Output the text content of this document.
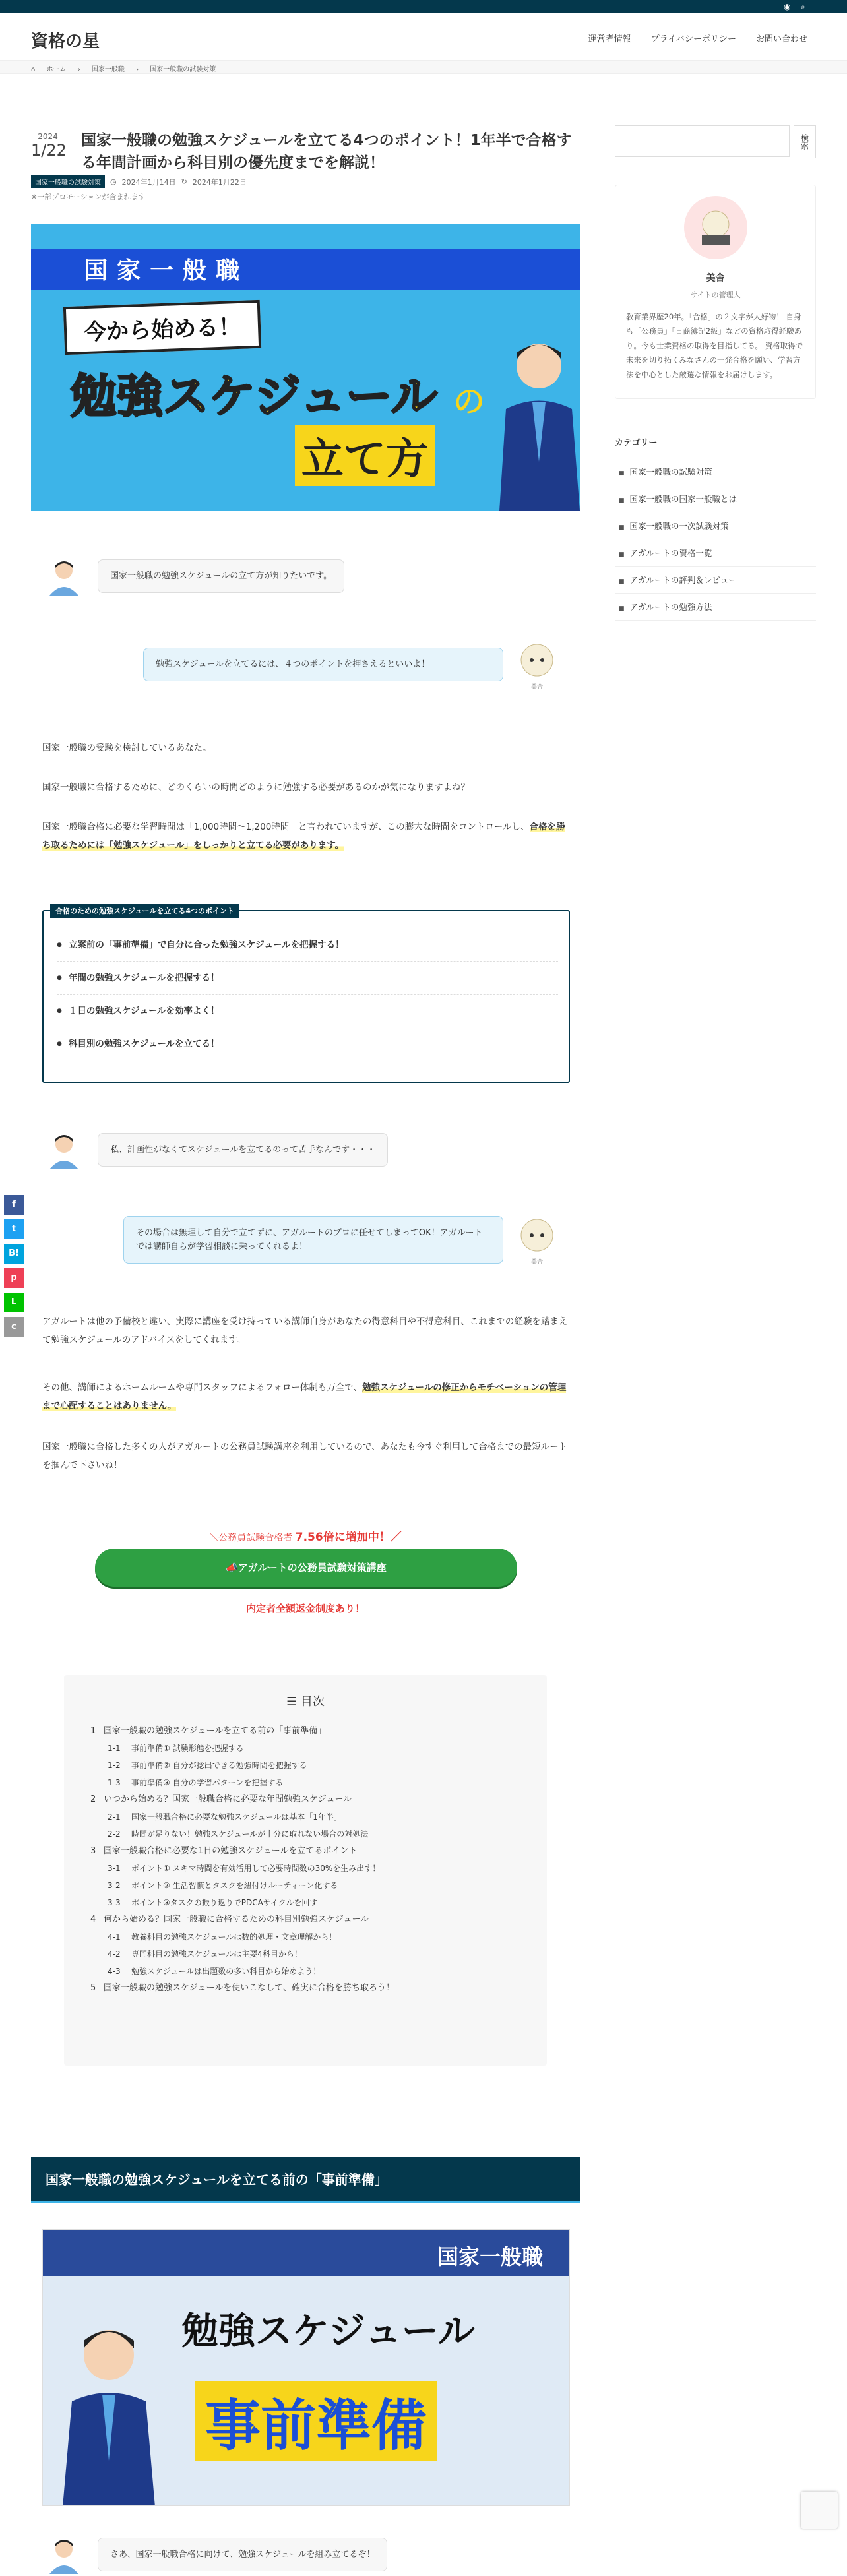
◉ ⌕
資格の星	運営者情報 プライバシーポリシー お問い合わせ
⌂ ホーム › 国家一般職 › 国家一般職の試験対策
f
t
B!
p
L
c
2024
1/22
国家一般職の勉強スケジュールを立てる4つのポイント！1年半で合格する年間計画から科目別の優先度までを解説！
国家一般職の試験対策	◷ 2024年1月14日 ↻ 2024年1月22日
※一部プロモーションが含まれます
国家一般職
今から始める！
勉強スケジュール の
立て方
国家一般職の勉強スケジュールの立て方が知りたいです。
美舎
勉強スケジュールを立てるには、４つのポイントを押さえるといいよ！

国家一般職の受験を検討しているあなた。

国家一般職に合格するために、どのくらいの時間どのように勉強する必要があるのかが気になりますよね？

国家一般職合格に必要な学習時間は「1,000時間〜1,200時間」と言われていますが、この膨大な時間をコントロールし、合格を勝ち取るためには「勉強スケジュール」をしっかりと立てる必要があります。

合格のための勉強スケジュールを立てる4つのポイント
● 立案前の「事前準備」で自分に合った勉強スケジュールを把握する！
● 年間の勉強スケジュールを把握する！
● １日の勉強スケジュールを効率よく！
● 科目別の勉強スケジュールを立てる！
私、計画性がなくてスケジュールを立てるのって苦手なんです・・・
美舎
その場合は無理して自分で立てずに、アガルートのプロに任せてしまってOK！アガルートでは講師自らが学習相談に乗ってくれるよ！

アガルートは他の予備校と違い、実際に講座を受け持っている講師自身があなたの得意科目や不得意科目、これまでの経験を踏まえて勉強スケジュールのアドバイスをしてくれます。

その他、講師によるホームルームや専門スタッフによるフォロー体制も万全で、勉強スケジュールの修正からモチベーションの管理まで心配することはありません。

国家一般職に合格した多くの人がアガルートの公務員試験講座を利用しているので、あなたも今すぐ利用して合格までの最短ルートを掴んで下さいね！

＼公務員試験合格者 7.56倍に増加中！／
📣アガルートの公務員試験対策講座
内定者全額返金制度あり！
☰ 目次
1 国家一般職の勉強スケジュールを立てる前の「事前準備」
1-1 事前準備① 試験形態を把握する
1-2 事前準備② 自分が捻出できる勉強時間を把握する
1-3 事前準備③ 自分の学習パターンを把握する
2 いつから始める？国家一般職合格に必要な年間勉強スケジュール
2-1 国家一般職合格に必要な勉強スケジュールは基本「1年半」
2-2 時間が足りない！勉強スケジュールが十分に取れない場合の対処法
3 国家一般職合格に必要な1日の勉強スケジュールを立てるポイント
3-1 ポイント① スキマ時間を有効活用して必要時間数の30%を生み出す！
3-2 ポイント② 生活習慣とタスクを紐付けルーティーン化する
3-3 ポイント③タスクの振り返りでPDCAサイクルを回す
4 何から始める？国家一般職に合格するための科目別勉強スケジュール
4-1 教養科目の勉強スケジュールは数的処理・文章理解から！
4-2 専門科目の勉強スケジュールは主要4科目から！
4-3 勉強スケジュールは出題数の多い科目から始めよう！
5 国家一般職の勉強スケジュールを使いこなして、確実に合格を勝ち取ろう！
国家一般職の勉強スケジュールを立てる前の「事前準備」
国家一般職
勉強スケジュール
事前準備
さあ、国家一般職合格に向けて、勉強スケジュールを組み立てるぞ！
検索
美舎
サイトの管理人
教育業界歴20年。「合格」の２文字が大好物！ 自身も「公務員」「日商簿記2級」などの資格取得経験あり。今も士業資格の取得を目指してる。 資格取得で未来を切り拓くみなさんの一発合格を願い、学習方法を中心とした厳選な情報をお届けします。
カテゴリー
■ 国家一般職の試験対策
■ 国家一般職の国家一般職とは
■ 国家一般職の一次試験対策
■ アガルートの資格一覧
■ アガルートの評判＆レビュー
■ アガルートの勉強方法
